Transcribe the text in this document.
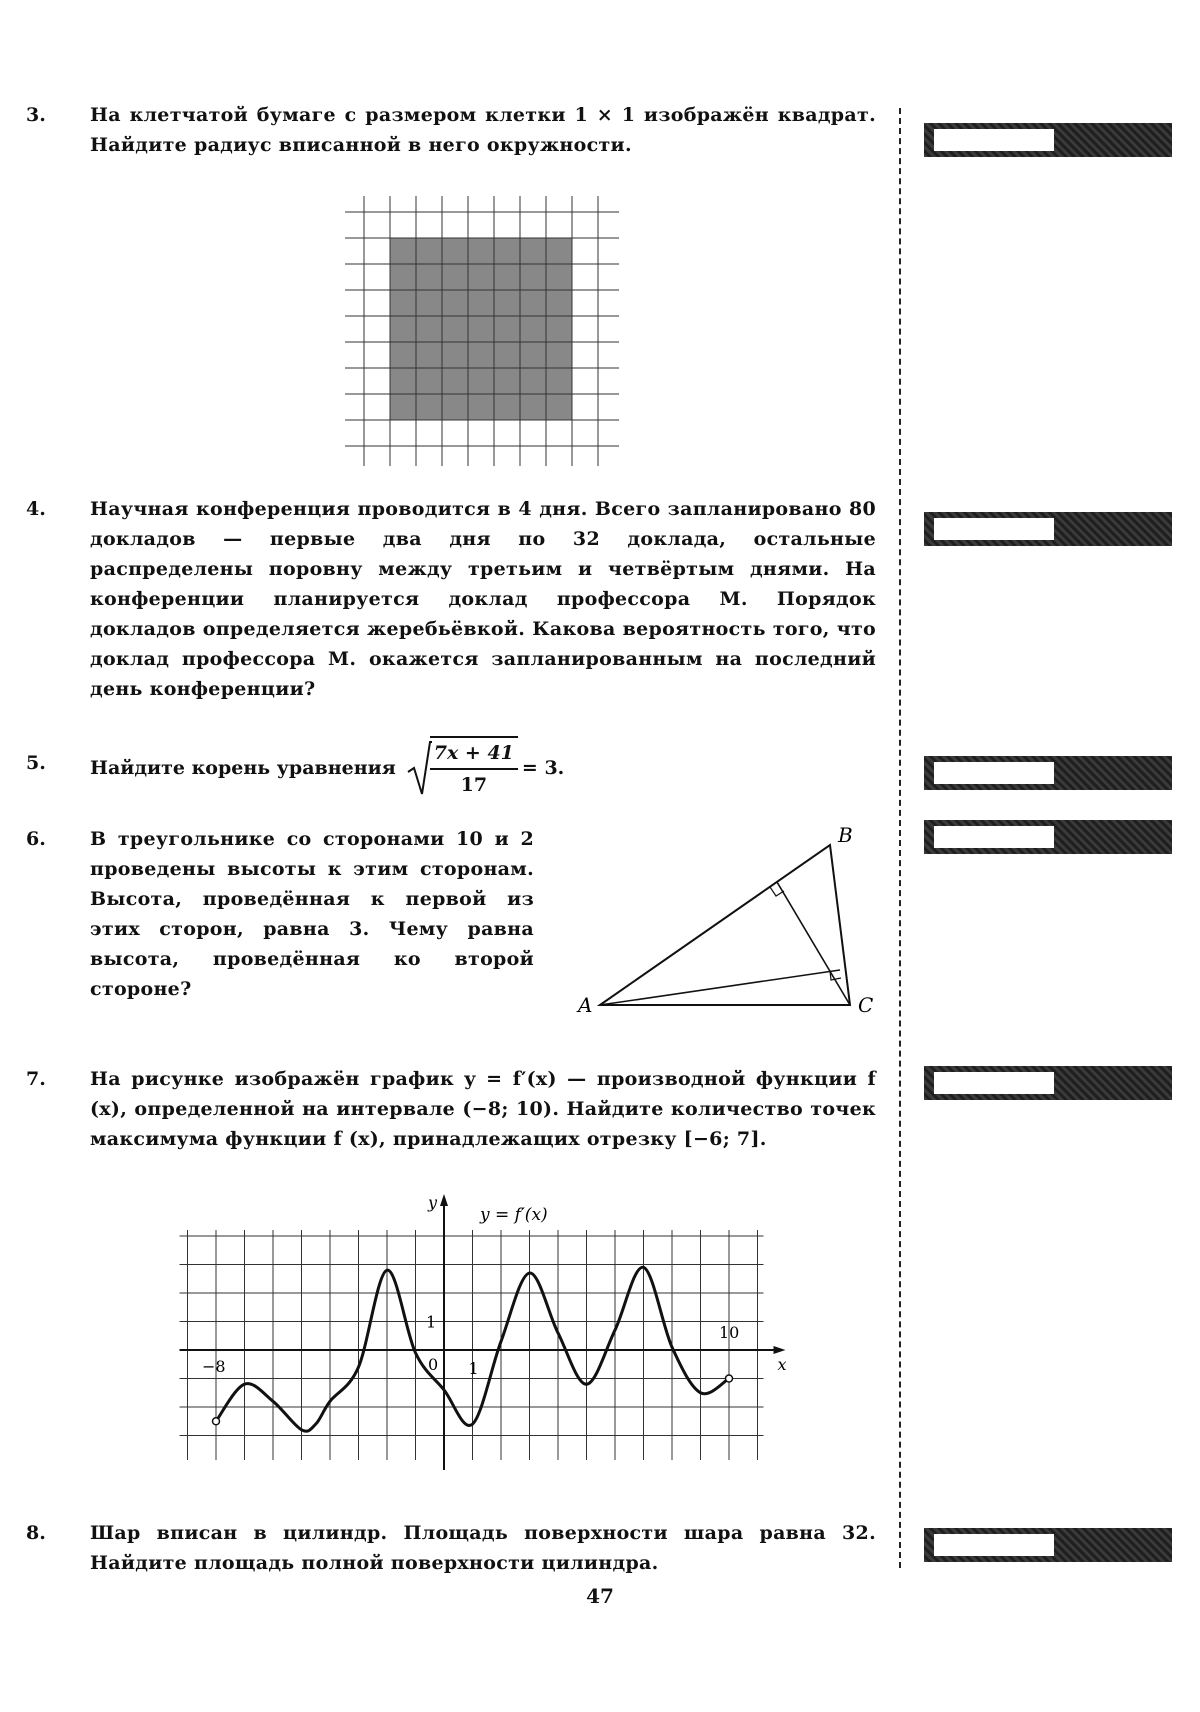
3. На клетчатой бумаге с размером клетки 1 × 1 изображён квадрат. Найдите радиус вписанной в него окружности.
4. Научная конференция проводится в 4 дня. Всего запланировано 80 докладов — первые два дня по 32 доклада, остальные распределены поровну между третьим и четвёртым днями. На конференции планируется доклад профессора М. Порядок докладов определяется жеребьёвкой. Какова вероятность того, что доклад профессора М. окажется запланированным на последний день конференции?
5. Найдите корень уравнения $\frac{7x + 41}{17} = 3$ .
6. В треугольнике со сторонами 10 и 2 проведены высоты к этим сторонам. Высота, проведённая к первой из этих сторон, равна 3. Чему равна высота, проведённая ко второй стороне?
A
B
C
7. На рисунке изображён график y = f′(x) — производной функции f (x), определенной на интервале (−8; 10). Найдите количество точек максимума функции f (x), принадлежащих отрезку [−6; 7].
y = f′(x)
y
x
0 1
1
−8
10
8. Шар вписан в цилиндр. Площадь поверхности шара равна 32. Найдите площадь полной поверхности цилиндра.
47
